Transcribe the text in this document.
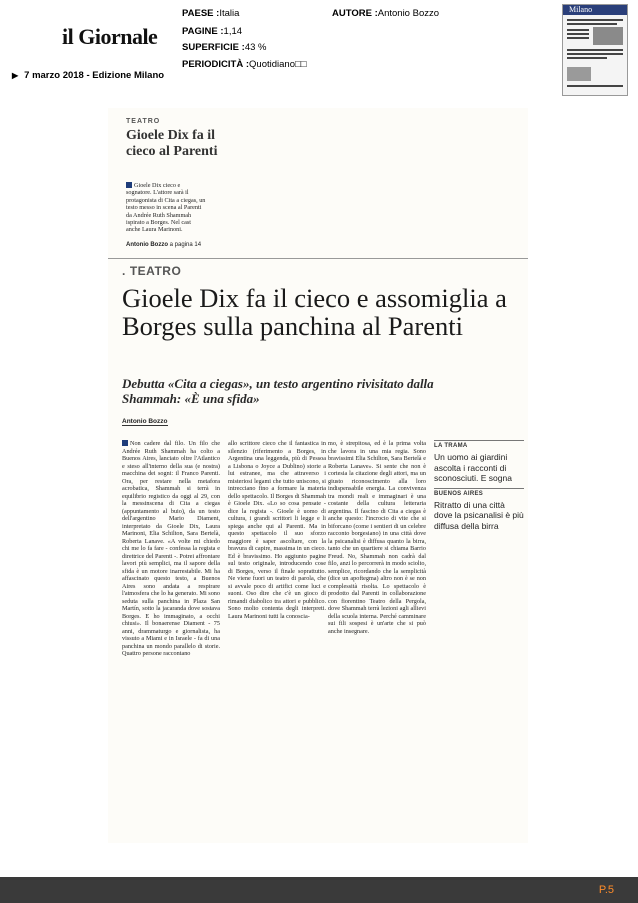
il Giornale
PAESE :Italia
PAGINE :1,14
SUPERFICIE :43 %
PERIODICITÀ :Quotidiano□□
AUTORE :Antonio Bozzo
▶ 7 marzo 2018 - Edizione Milano
Milano
TEATRO
Gioele Dix fa il cieco al Parenti
Gioele Dix cieco e sognatore. L'attore sarà il protagonista di Cita a ciegas, un testo messo in scena al Parenti da Andrée Ruth Shammah ispirato a Borges. Nel cast anche Laura Marinoni.
Antonio Bozzo a pagina 14
. TEATRO
Gioele Dix fa il cieco e assomiglia a Borges sulla panchina al Parenti
Debutta «Cita a ciegas», un testo argentino rivisitato dalla Shammah: «È una sfida»
Antonio Bozzo

Non cadere dal filo. Un filo che Andrée Ruth Shammah ha colto a Buenos Aires, lanciato oltre l'Atlantico e steso all'interno della sua (e nostra) macchina dei sogni: il Franco Parenti. Ora, per restare nella metafora acrobatica, Shammah si terrà in equilibrio registico da oggi al 29, con la messinscena di Cita a ciegas (appuntamento al buio), da un testo dell'argentino Mario Diament, interpretato da Gioele Dix, Laura Marinoni, Elia Schilton, Sara Bertelà, Roberta Lanave. «A volte mi chiedo chi me lo fa fare - confessa la regista e direttrice del Parenti -. Potrei affrontare lavori più semplici, ma il sapore della sfida è un motore inarrestabile. Mi ha affascinato questo testo, a Buenos Aires sono andata a respirare l'atmosfera che lo ha generato. Mi sono seduta sulla panchina in Plaza San Martín, sotto la jacaranda dove sostava Borges. E ho immaginato, a occhi chiusi». Il bonaerense Diament - 75 anni, drammaturgo e giornalista, ha vissuto a Miami e in Israele - fa di una panchina un mondo parallelo di storie. Quattro persone raccontano

allo scrittore cieco che il fantastica in silenzio (riferimento a Borges, in Argentina una leggenda, più di Pessoa a Lisbona o Joyce a Dublino) storie a lui estranee, ma che attraverso i misteriosi legami che tutto uniscono, si intrecciano fino a formare la materia dello spettacolo. Il Borges di Shammah è Gioele Dix. «Lo so cosa pensate - dice la regista -. Gioele è uomo di cultura, i grandi scrittori li legge e li spiega anche qui al Parenti. Ma in questo spettacolo il suo sforzo maggiore è saper ascoltare, con la bravura di capire, massima in un cieco. Ed è bravissimo. Ho aggiunto pagine sul testo originale, introducendo cose di Borges, verso il finale soprattutto. Ne viene fuori un teatro di parola, che si avvale poco di artifici come luci e suoni. Oso dire che c'è un gioco di rimandi diabolico tra attori e pubblico. Sono molto contenta degli interpreti. Laura Marinoni tutti la conoscia-

mo, è strepitosa, ed è la prima volta che lavora in una mia regia. Sono bravissimi Elia Schilton, Sara Bertelà e Roberta Lanave». Si sente che non è cortesia la citazione degli attori, ma un giusto riconoscimento alla loro indispensabile energia. La convivenza tra mondi reali e immaginari è una costante della cultura letteraria argentina. Il fascino di Cita a ciegas è anche questo: l'incrocio di vite che si biforcano (come i sentieri di un celebre racconto borgesiano) in una città dove la psicanalisi è diffusa quanto la birra, tanto che un quartiere si chiama Barrio Freud. No, Shammah non cadrà dal filo, anzi lo percorrerà in modo scioltо, semplice, ricordando che la semplicità (dice un apoftegma) altro non è se non complessità risolta. Lo spettacolo è prodotto dal Parenti in collaborazione con fiorentino Teatro della Pergola, dove Shammah terrà lezioni agli allievi della scuola interna. Perché camminare sui fili sospesi è un'arte che si può anche insegnare.

LA TRAMA
Un uomo ai giardini ascolta i racconti di sconosciuti. E sogna
BUENOS AIRES
Ritratto di una città dove la psicanalisi è più diffusa della birra
P.5
